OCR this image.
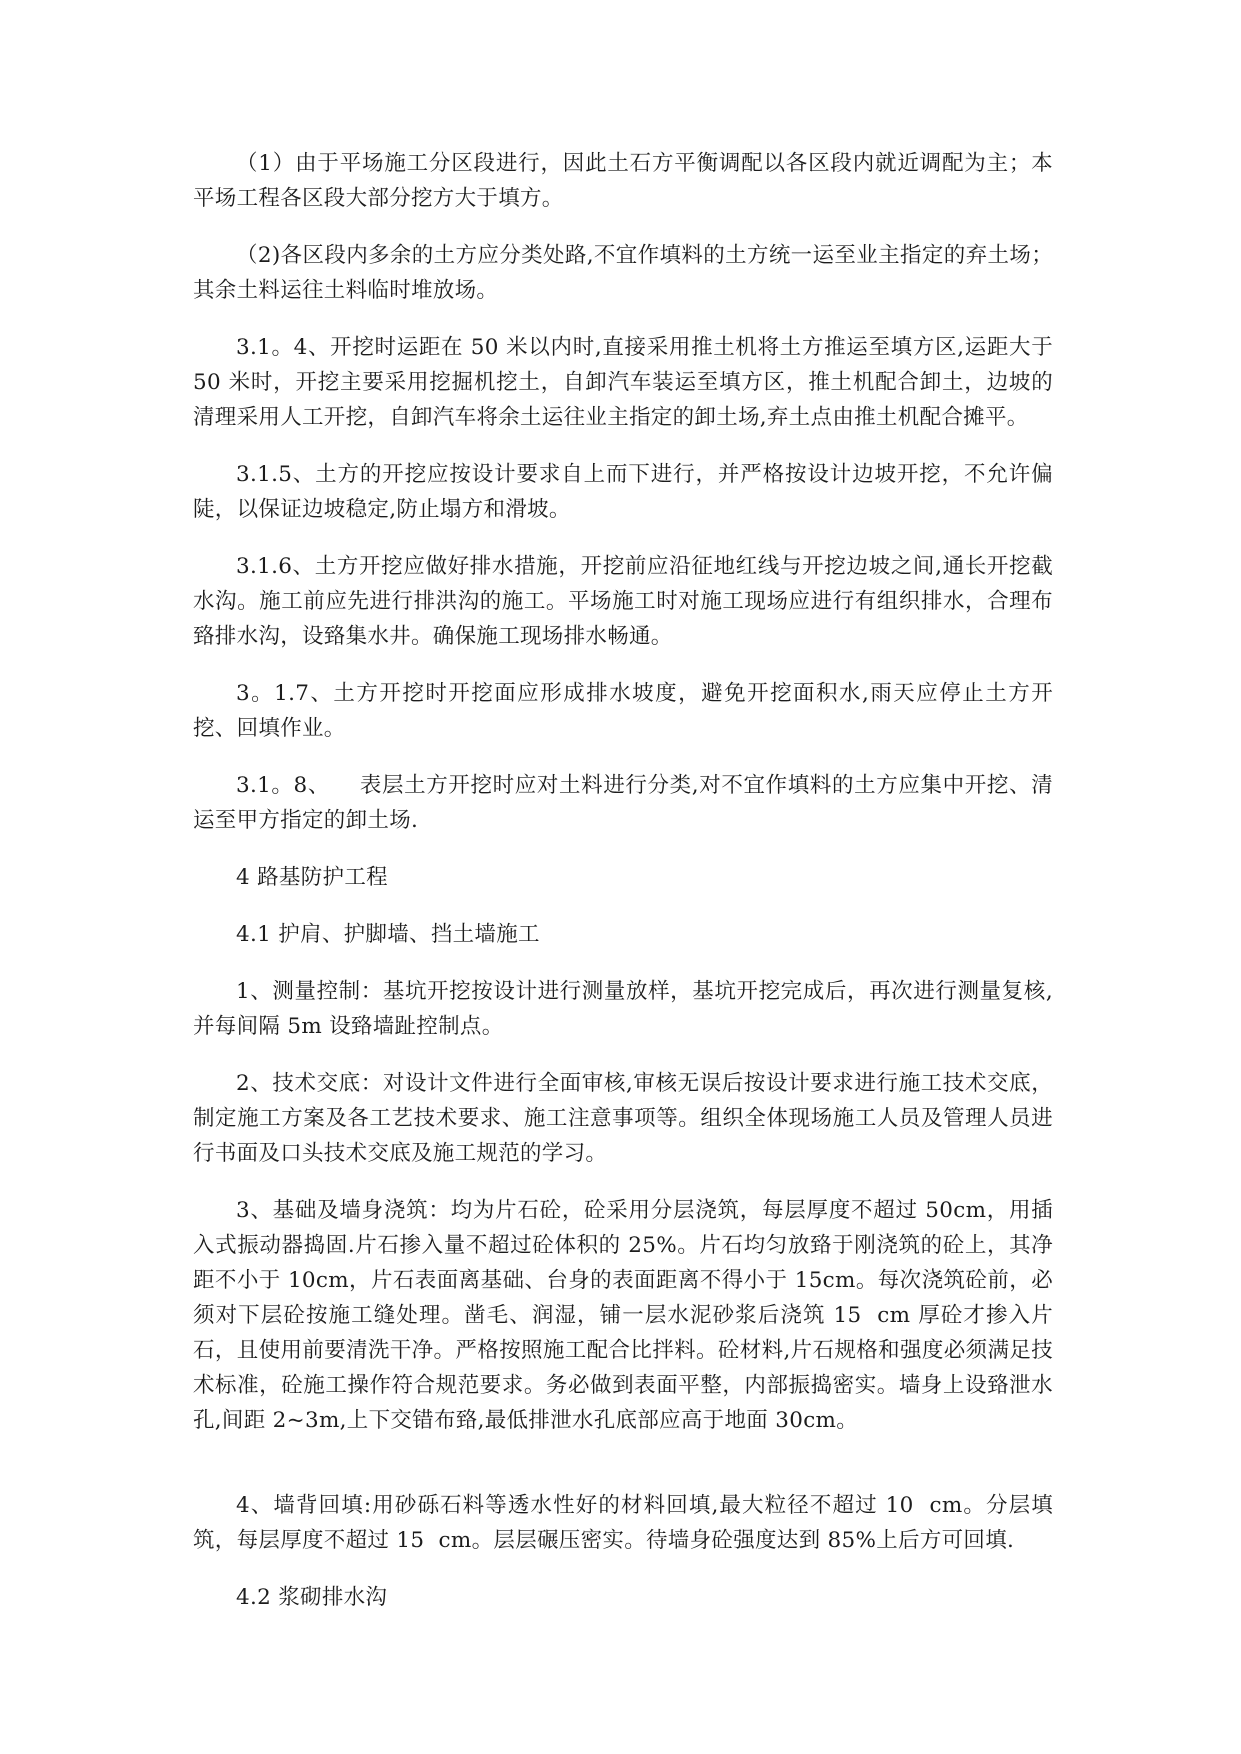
（1）由于平场施工分区段进行，因此土石方平衡调配以各区段内就近调配为主；本平场工程各区段大部分挖方大于填方。

（2)各区段内多余的土方应分类处路,不宜作填料的土方统一运至业主指定的弃土场；其余土料运往土料临时堆放场。

3.1。4、开挖时运距在 50 米以内时,直接采用推土机将土方推运至填方区,运距大于 50 米时，开挖主要采用挖掘机挖土，自卸汽车装运至填方区，推土机配合卸土，边坡的清理采用人工开挖，自卸汽车将余土运往业主指定的卸土场,弃土点由推土机配合摊平。

3.1.5、土方的开挖应按设计要求自上而下进行，并严格按设计边坡开挖，不允许偏陡，以保证边坡稳定,防止塌方和滑坡。

3.1.6、土方开挖应做好排水措施，开挖前应沿征地红线与开挖边坡之间,通长开挖截水沟。施工前应先进行排洪沟的施工。平场施工时对施工现场应进行有组织排水，合理布臵排水沟，设臵集水井。确保施工现场排水畅通。

3。1.7、土方开挖时开挖面应形成排水坡度，避免开挖面积水,雨天应停止土方开挖、回填作业。

3.1。8、    表层土方开挖时应对土料进行分类,对不宜作填料的土方应集中开挖、清运至甲方指定的卸土场.

4 路基防护工程

4.1 护肩、护脚墙、挡土墙施工

1、测量控制：基坑开挖按设计进行测量放样，基坑开挖完成后，再次进行测量复核,并每间隔 5m 设臵墙趾控制点。

2、技术交底：对设计文件进行全面审核,审核无误后按设计要求进行施工技术交底，制定施工方案及各工艺技术要求、施工注意事项等。组织全体现场施工人员及管理人员进行书面及口头技术交底及施工规范的学习。

3、基础及墙身浇筑：均为片石砼，砼采用分层浇筑，每层厚度不超过 50cm，用插入式振动器捣固.片石掺入量不超过砼体积的 25%。片石均匀放臵于刚浇筑的砼上，其净距不小于 10cm，片石表面离基础、台身的表面距离不得小于 15cm。每次浇筑砼前，必须对下层砼按施工缝处理。凿毛、润湿，铺一层水泥砂浆后浇筑 15  cm 厚砼才掺入片石，且使用前要清洗干净。严格按照施工配合比拌料。砼材料,片石规格和强度必须满足技术标准，砼施工操作符合规范要求。务必做到表面平整，内部振捣密实。墙身上设臵泄水孔,间距 2~3m,上下交错布臵,最低排泄水孔底部应高于地面 30cm。

4、墙背回填:用砂砾石料等透水性好的材料回填,最大粒径不超过 10  cm。分层填筑，每层厚度不超过 15  cm。层层碾压密实。待墙身砼强度达到 85%上后方可回填.

4.2 浆砌排水沟
